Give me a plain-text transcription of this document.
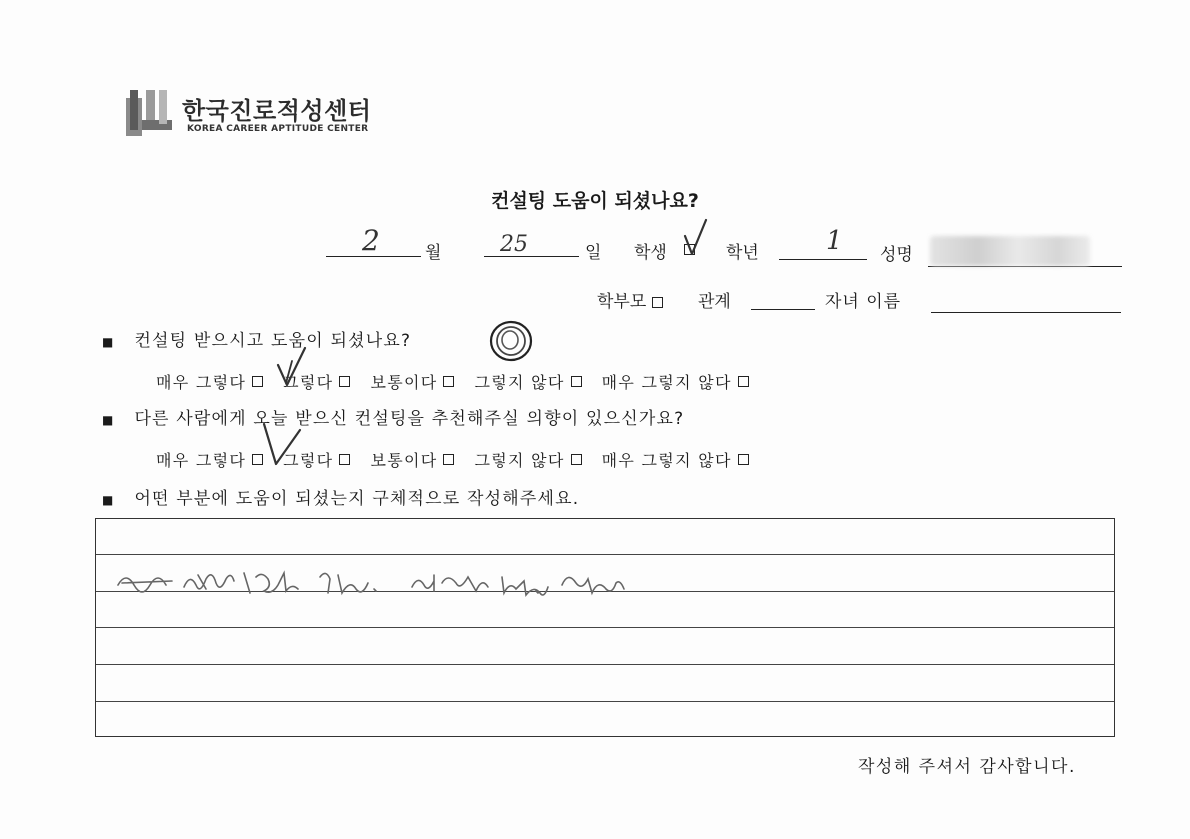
한국진로적성센터
KOREA CAREER APTITUDE CENTER
컨설팅 도움이 되셨나요?
2	월	25	일 학생	학년	1 성명
학부모	관계	자녀 이름
■ 컨설팅 받으시고 도움이 되셨나요?
매우 그렇다 그렇다 보통이다 그렇지 않다 매우 그렇지 않다
■ 다른 사람에게 오늘 받으신 컨설팅을 추천해주실 의향이 있으신가요?
매우 그렇다 그렇다 보통이다 그렇지 않다 매우 그렇지 않다
■ 어떤 부분에 도움이 되셨는지 구체적으로 작성해주세요.
작성해 주셔서 감사합니다.
